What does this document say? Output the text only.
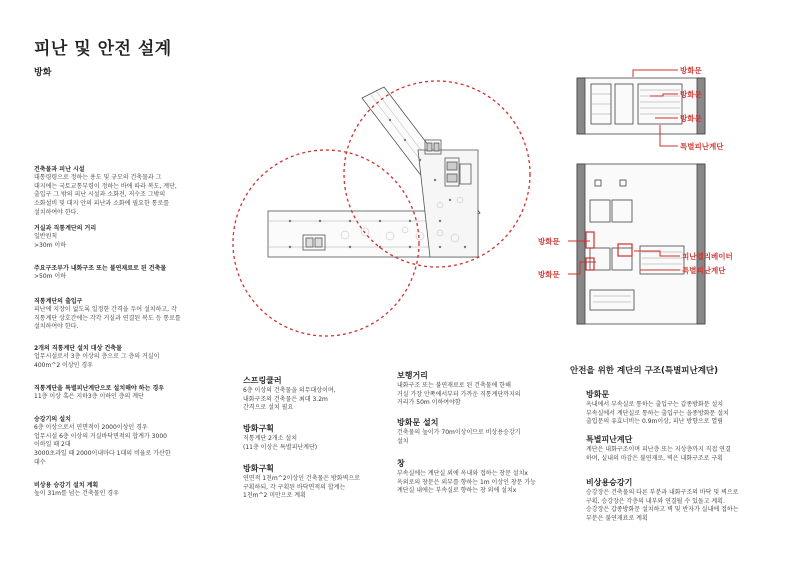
피난 및 안전 설계
방화

건축물과 피난 시설
대통령령으로 정하는 용도 및 규모의 건축물과 그
대지에는 국토교통부령이 정하는 바에 따라 복도, 계단,
출입구 그 밖의 피난 시설과 소화전, 저수조 그밖의
소화설비 및 대지 안의 피난과 소화에 필요한 통로를
설치하여야 한다.

거실과 직통계단의 거리
일반원칙
>30m 이하

주요구조부가 내화구조 또는 불연재료로 된 건축물
>50m 이하

직통계단의 출입구
피난에 지장이 없도록 일정한 간격을 두어 설치하고, 각
직통계단 상호간에는 각각 거실과 연결된 복도 등 통로를
설치하여야 한다.

2개의 직통계단 설치 대상 건축물
업무시설로서 3층 이상의 층으로 그 층의 거실이
400m^2 이상인 경우

직통계단을 특별피난계단으로 설치해야 하는 경우
11층 이상 혹은 지하3층 이하인 층의 계단

승강기의 설치
6층 이상으로서 연면적이 2000이상인 경우
업무시설 6층 이상의 거실바닥면적의 합계가 3000
이하일 때 2대
3000초과일 때 2000이내마다 1대의 비율로 가산한
대수

비상용 승강기 설치 계획
높이 31m를 넘는 건축물인 경우

스프링쿨러
6층 이상의 건축물을 의무대상이며,
내화구조의 건축물은 최대 3.2m
간격으로 설치 필요
방화구획
직통계단 2개소 설치
(11층 이상은 특별피난계단)
방화구획
연면적 1천m^2이상인 건축물은 방화벽으로
구획하되, 각 구획된 바닥면적의 합계는
1천m^2 미만으로 계획
보행거리
내화구조 또는 불연재료로 된 건축물에 한해
거실 가장 안쪽에서부터 가까운 직통계단까지의
거리가 50m 이하여야함
방화문 설치
건축물의 높이가 70m이상이므로 비상용승강기
설치
창
부속실에는 계단실 외에 옥내와 접하는 창문 설치x
옥외로의 창문은 외부를 향하는 1m 이상인 창문 가능
계단실 내에는 부속실로 향하는 창 외에 설치x
안전을 위한 계단의 구조(특별피난계단)
방화문
옥내에서 부속실로 통하는 출입구는 갑종방화문 설치
부속실에서 계단실로 통하는 출입구는 을종방화문 설치
출입문의 유효너비는 0.9m이상, 피난 방향으로 열림
특별피난계단
계단은 내화구조이며 피난층 또는 지상층까지 직접 연결
하며, 실내의 마감은 불연재로, 벽은 내화구조로 구획
비상용승강기
승강장은 건축물의 다른 부분과 내화구조의 바닥 및 벽으로
구획, 승강장은 각층의 내부와 연결될 수 있돌고 계획.
승강장은 갑종방화문 설치하고 벽 및 반자가 실내에 접하는
부분은 불연재료로 계획
방화문
방화문
방화문
특별피난계단
방화문
방화문
피난엘리베이터
특별피난계단
